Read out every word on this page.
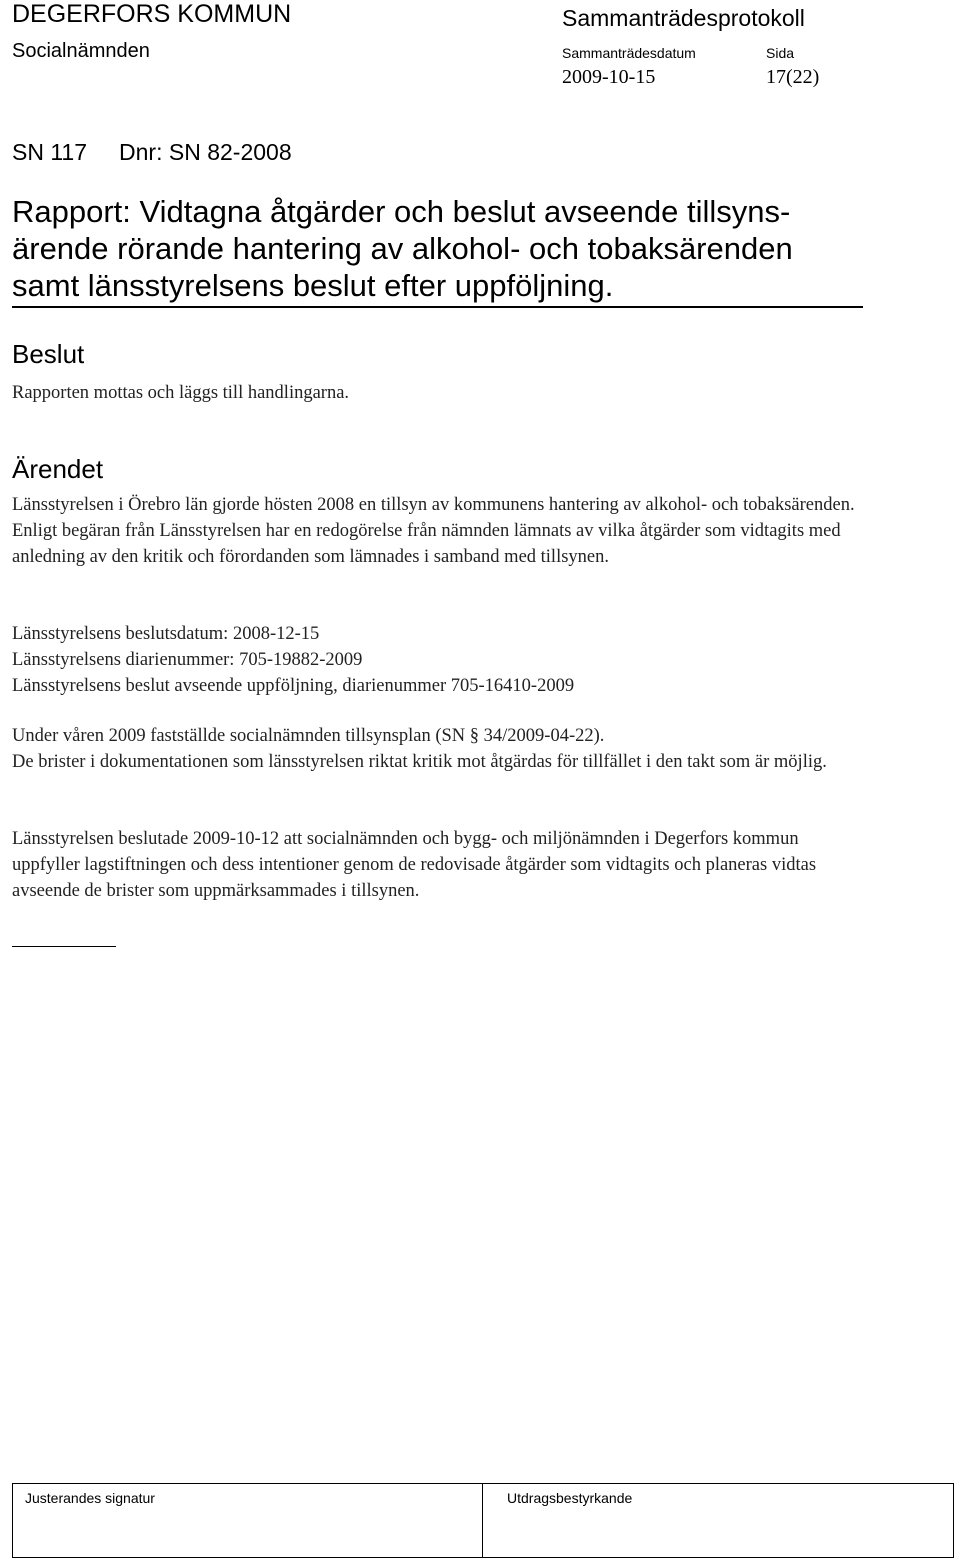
DEGERFORS KOMMUN
Socialnämnden
Sammanträdesprotokoll
Sammanträdesdatum
2009-10-15
Sida
17(22)
SN 117 Dnr: SN 82-2008
Rapport: Vidtagna åtgärder och beslut avseende tillsyns-ärende rörande hantering av alkohol- och tobaksärenden samt länsstyrelsens beslut efter uppföljning.
Beslut
Rapporten mottas och läggs till handlingarna.
Ärendet
Länsstyrelsen i Örebro län gjorde hösten 2008 en tillsyn av kommunens hantering av alkohol- och tobaksärenden. Enligt begäran från Länsstyrelsen har en redogörelse från nämnden lämnats av vilka åtgärder som vidtagits med anledning av den kritik och förordanden som lämnades i samband med tillsynen.
Länsstyrelsens beslutsdatum: 2008-12-15
Länsstyrelsens diarienummer: 705-19882-2009
Länsstyrelsens beslut avseende uppföljning, diarienummer 705-16410-2009
Under våren 2009 fastställde socialnämnden tillsynsplan (SN § 34/2009-04-22).
De brister i dokumentationen som länsstyrelsen riktat kritik mot åtgärdas för tillfället i den takt som är möjlig.
Länsstyrelsen beslutade 2009-10-12 att socialnämnden och bygg- och miljönämnden i Degerfors kommun uppfyller lagstiftningen och dess intentioner genom de redovisade åtgärder som vidtagits och planeras vidtas avseende de brister som uppmärksammades i tillsynen.
Justerandes signatur	Utdragsbestyrkande
